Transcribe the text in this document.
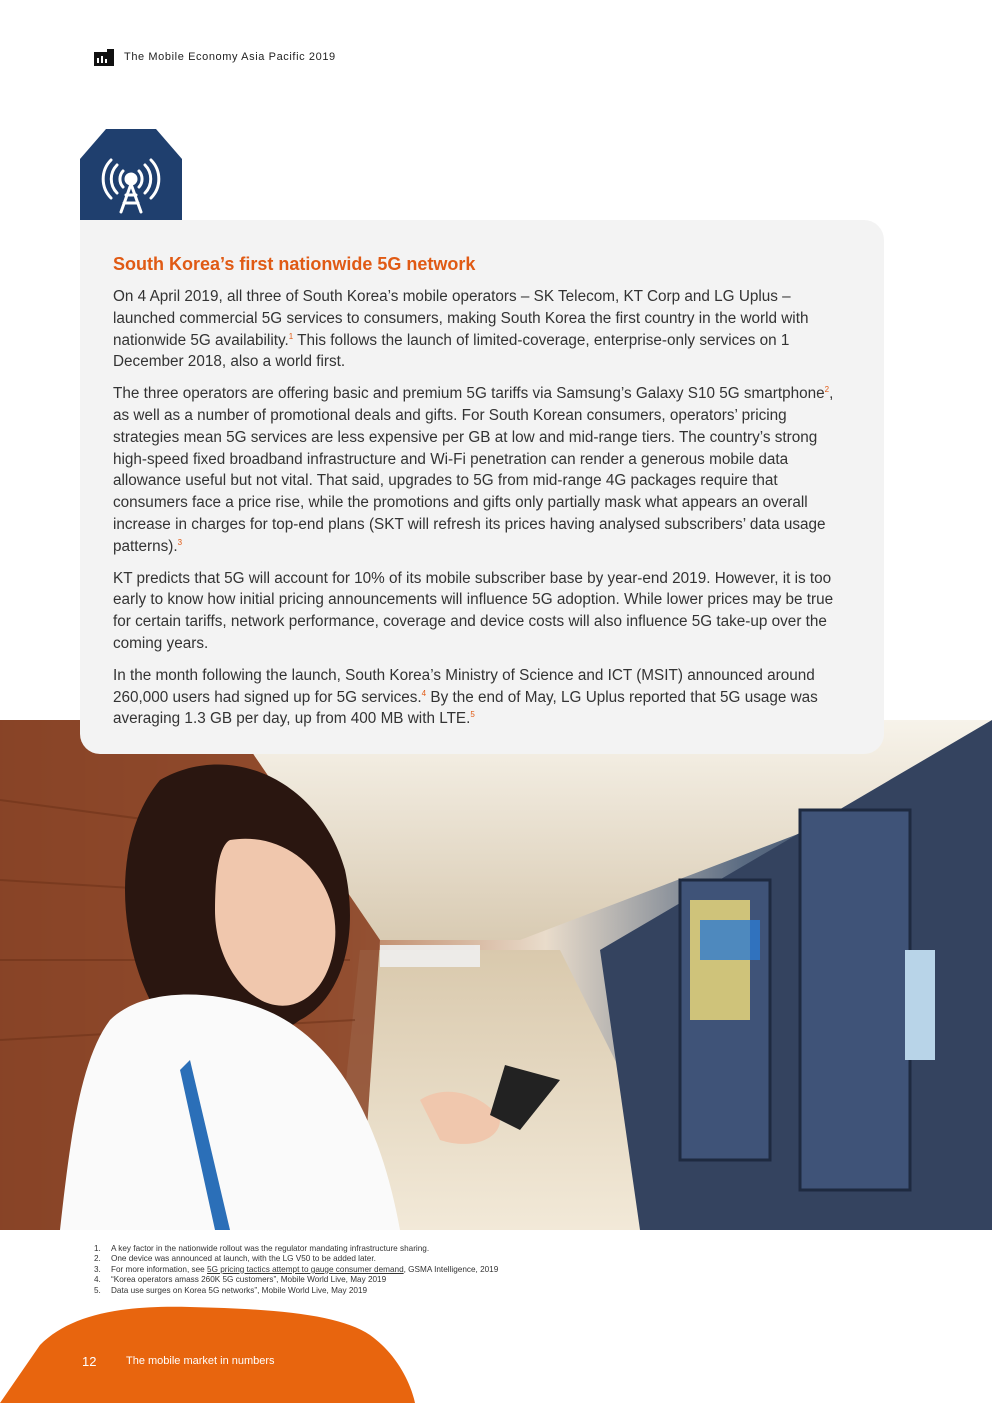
The Mobile Economy Asia Pacific 2019
South Korea’s first nationwide 5G network

On 4 April 2019, all three of South Korea’s mobile operators – SK Telecom, KT Corp and LG Uplus – launched commercial 5G services to consumers, making South Korea the first country in the world with nationwide 5G availability.$^1$ This follows the launch of limited-coverage, enterprise-only services on 1 December 2018, also a world first.

The three operators are offering basic and premium 5G tariffs via Samsung’s Galaxy S10 5G smartphone$^2$, as well as a number of promotional deals and gifts. For South Korean consumers, operators’ pricing strategies mean 5G services are less expensive per GB at low and mid-range tiers. The country’s strong high-speed fixed broadband infrastructure and Wi-Fi penetration can render a generous mobile data allowance useful but not vital. That said, upgrades to 5G from mid-range 4G packages require that consumers face a price rise, while the promotions and gifts only partially mask what appears an overall increase in charges for top-end plans (SKT will refresh its prices having analysed subscribers’ data usage patterns).$^3$

KT predicts that 5G will account for 10% of its mobile subscriber base by year-end 2019. However, it is too early to know how initial pricing announcements will influence 5G adoption. While lower prices may be true for certain tariffs, network performance, coverage and device costs will also influence 5G take-up over the coming years.

In the month following the launch, South Korea’s Ministry of Science and ICT (MSIT) announced around 260,000 users had signed up for 5G services.$^4$ By the end of May, LG Uplus reported that 5G usage was averaging 1.3 GB per day, up from 400 MB with LTE.$^5$

1.	A key factor in the nationwide rollout was the regulator mandating infrastructure sharing.
2.	One device was announced at launch, with the LG V50 to be added later.
3.	For more information, see 5G pricing tactics attempt to gauge consumer demand, GSMA Intelligence, 2019
4.	“Korea operators amass 260K 5G customers”, Mobile World Live, May 2019
5.	Data use surges on Korea 5G networks”, Mobile World Live, May 2019
12	The mobile market in numbers
